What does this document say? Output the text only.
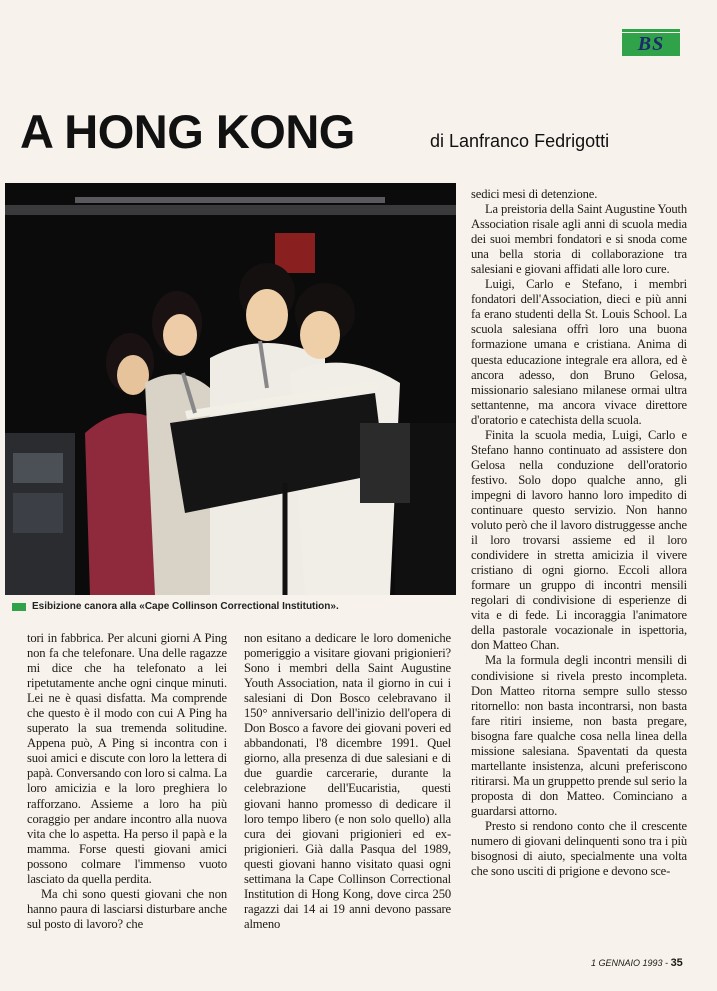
BS
A HONG KONG	di Lanfranco Fedrigotti
Esibizione canora alla «Cape Collinson Correctional Institution».

tori in fabbrica. Per alcuni giorni A Ping non fa che telefonare. Una delle ragazze mi dice che ha telefonato a lei ripetutamente anche ogni cinque minuti. Lei ne è quasi disfatta. Ma comprende che questo è il modo con cui A Ping ha superato la sua tremenda solitudine. Appena può, A Ping si incontra con i suoi amici e discute con loro la lettera di papà. Conversando con loro si calma. La loro amicizia e la loro preghiera lo rafforzano. Assieme a loro ha più coraggio per andare incontro alla nuova vita che lo aspetta. Ha perso il papà e la mamma. Forse questi giovani amici possono colmare l'immenso vuoto lasciato da quella perdita.

Ma chi sono questi giovani che non hanno paura di lasciarsi disturbare anche sul posto di lavoro? che

non esitano a dedicare le loro domeniche pomeriggio a visitare giovani prigionieri? Sono i membri della Saint Augustine Youth Association, nata il giorno in cui i salesiani di Don Bosco celebravano il 150° anniversario dell'inizio dell'opera di Don Bosco a favore dei giovani poveri ed abbandonati, l'8 dicembre 1991. Quel giorno, alla presenza di due salesiani e di due guardie carcerarie, durante la celebrazione dell'Eucaristia, questi giovani hanno promesso di dedicare il loro tempo libero (e non solo quello) alla cura dei giovani prigionieri ed ex-prigionieri. Già dalla Pasqua del 1989, questi giovani hanno visitato quasi ogni settimana la Cape Collinson Correctional Institution di Hong Kong, dove circa 250 ragazzi dai 14 ai 19 anni devono passare almeno

sedici mesi di detenzione.

La preistoria della Saint Augustine Youth Association risale agli anni di scuola media dei suoi membri fondatori e si snoda come una bella storia di collaborazione tra salesiani e giovani affidati alle loro cure.

Luigi, Carlo e Stefano, i membri fondatori dell'Association, dieci e più anni fa erano studenti della St. Louis School. La scuola salesiana offrì loro una buona formazione umana e cristiana. Anima di questa educazione integrale era allora, ed è ancora adesso, don Bruno Gelosa, missionario salesiano milanese ormai ultra settantenne, ma ancora vivace direttore d'oratorio e catechista della scuola.

Finita la scuola media, Luigi, Carlo e Stefano hanno continuato ad assistere don Gelosa nella conduzione dell'oratorio festivo. Solo dopo qualche anno, gli impegni di lavoro hanno loro impedito di continuare questo servizio. Non hanno voluto però che il lavoro distruggesse anche il loro trovarsi assieme ed il loro condividere in stretta amicizia il vivere cristiano di ogni giorno. Eccoli allora formare un gruppo di incontri mensili regolari di condivisione di esperienze di vita e di fede. Li incoraggia l'animatore della pastorale vocazionale in ispettoria, don Matteo Chan.

Ma la formula degli incontri mensili di condivisione si rivela presto incompleta. Don Matteo ritorna sempre sullo stesso ritornello: non basta incontrarsi, non basta fare ritiri insieme, non basta pregare, bisogna fare qualche cosa nella linea della missione salesiana. Spaventati da questa martellante insistenza, alcuni preferiscono ritirarsi. Ma un gruppetto prende sul serio la proposta di don Matteo. Cominciano a guardarsi attorno.

Presto si rendono conto che il crescente numero di giovani delinquenti sono tra i più bisognosi di aiuto, specialmente una volta che sono usciti di prigione e devono sce-

1 GENNAIO 1993 - 35
